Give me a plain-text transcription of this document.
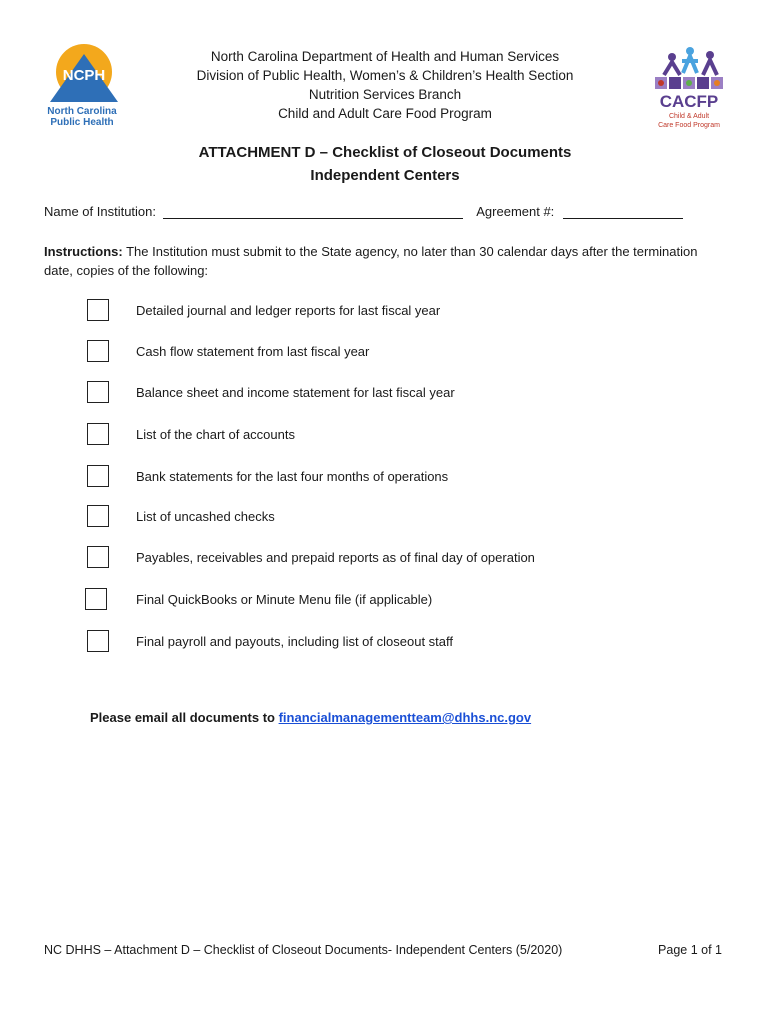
NCPH
North Carolina
Public Health
CACFP
Child & Adult
Care Food Program
North Carolina Department of Health and Human Services
Division of Public Health, Women’s & Children’s Health Section
Nutrition Services Branch
Child and Adult Care Food Program
ATTACHMENT D – Checklist of Closeout Documents
Independent Centers
Name of Institution:	Agreement #:
Instructions: The Institution must submit to the State agency, no later than 30 calendar days after the termination date, copies of the following:
Detailed journal and ledger reports for last fiscal year
Cash flow statement from last fiscal year
Balance sheet and income statement for last fiscal year
List of the chart of accounts
Bank statements for the last four months of operations
List of uncashed checks
Payables, receivables and prepaid reports as of final day of operation
Final QuickBooks or Minute Menu file (if applicable)
Final payroll and payouts, including list of closeout staff
Please email all documents to financialmanagementteam@dhhs.nc.gov
NC DHHS – Attachment D – Checklist of Closeout Documents- Independent Centers (5/2020)	Page 1 of 1
